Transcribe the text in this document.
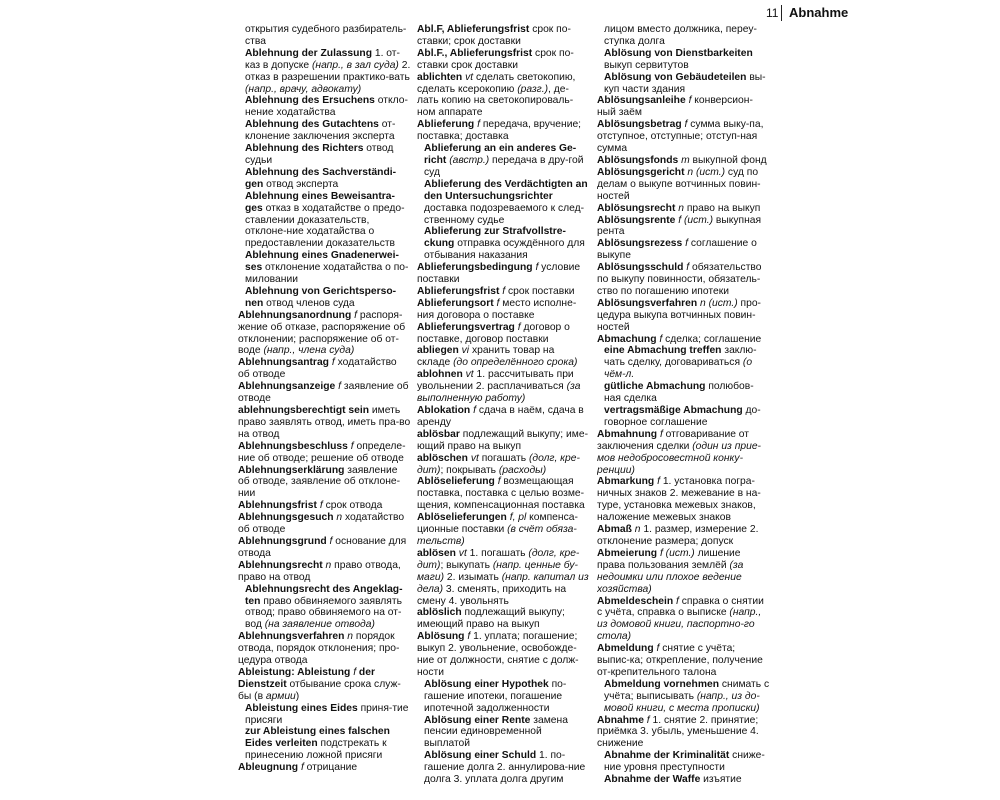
11 Abnahme

открытия судебного разбиратель-ства

Ablehnung der Zulassung 1. от-каз в допуске (напр., в зал суда) 2. отказ в разрешении практико-вать (напр., врачу, адвокату)

Ablehnung des Ersuchens откло-нение ходатайства

Ablehnung des Gutachtens от-клонение заключения эксперта

Ablehnung des Richters отвод судьи

Ablehnung des Sachverständi-gen отвод эксперта

Ablehnung eines Beweisantra-ges отказ в ходатайстве о предо-ставлении доказательств, отклоне-ние ходатайства о предоставлении доказательств

Ablehnung eines Gnadenerwei-ses отклонение ходатайства о по-миловании

Ablehnung von Gerichtsperso-nen отвод членов суда

Ablehnungsanordnung f распоря-жение об отказе, распоряжение об отклонении; распоряжение об от-воде (напр., члена суда)

Ablehnungsantrag f ходатайство об отводе

Ablehnungsanzeige f заявление об отводе

ablehnungsberechtigt sein иметь право заявлять отвод, иметь пра-во на отвод

Ablehnungsbeschluss f определе-ние об отводе; решение об отводе

Ablehnungserklärung заявление об отводе, заявление об отклоне-нии

Ablehnungsfrist f срок отвода

Ablehnungsgesuch n ходатайство об отводе

Ablehnungsgrund f основание для отвода

Ablehnungsrecht n право отвода, право на отвод

Ablehnungsrecht des Angeklag-ten право обвиняемого заявлять отвод; право обвиняемого на от-вод (на заявление отвода)

Ablehnungsverfahren n порядок отвода, порядок отклонения; про-цедура отвода

Ableistung: Ableistung f der Dienstzeit отбывание срока служ-бы (в армии)

Ableistung eines Eides приня-тие присяги

zur Ableistung eines falschen Eides verleiten подстрекать к принесению ложной присяги

Ableugnung f отрицание

Abl.F, Ablieferungsfrist срок по-ставки; срок доставки

Abl.F., Ablieferungsfrist срок по-ставки срок доставки

ablichten vt сделать светокопию, сделать ксерокопию (разг.), де-лать копию на светокопироваль-ном аппарате

Ablieferung f передача, вручение; поставка; доставка

Ablieferung an ein anderes Ge-richt (австр.) передача в дру-гой суд

Ablieferung des Verdächtigten an den Untersuchungsrichter доставка подозреваемого к след-ственному судье

Ablieferung zur Strafvollstre-ckung отправка осуждённого для отбывания наказания

Ablieferungsbedingung f условие поставки

Ablieferungsfrist f срок поставки

Ablieferungsort f место исполне-ния договора о поставке

Ablieferungsvertrag f договор о поставке, договор поставки

abliegen vi хранить товар на складе (до определённого срока)

ablohnen vt 1. рассчитывать при увольнении 2. расплачиваться (за выполненную работу)

Ablokation f сдача в наём, сдача в аренду

ablösbar подлежащий выкупу; име-ющий право на выкуп

ablöschen vt погашать (долг, кре-дит); покрывать (расходы)

Ablöselieferung f возмещающая поставка, поставка с целью возме-щения, компенсационная поставка

Ablöselieferungen f, pl компенса-ционные поставки (в счёт обяза-тельств)

ablösen vt 1. погашать (долг, кре-дит); выкупать (напр. ценные бу-маги) 2. изымать (напр. капитал из дела) 3. сменять, приходить на смену 4. увольнять

ablöslich подлежащий выкупу; имеющий право на выкуп

Ablösung f 1. уплата; погашение; выкуп 2. увольнение, освобожде-ние от должности, снятие с долж-ности

Ablösung einer Hypothek по-гашение ипотеки, погашение ипотечной задолженности

Ablösung einer Rente замена пенсии единовременной выплатой

Ablösung einer Schuld 1. по-гашение долга 2. аннулирова-ние долга 3. уплата долга другим

лицом вместо должника, переу-ступка долга

Ablösung von Dienstbarkeiten выкуп сервитутов

Ablösung von Gebäudeteilen вы-куп части здания

Ablösungsanleihe f конверсион-ный заём

Ablösungsbetrag f сумма выку-па, отступное, отступные; отступ-ная сумма

Ablösungsfonds m выкупной фонд

Ablösungsgericht n (ист.) суд по делам о выкупе вотчинных повин-ностей

Ablösungsrecht n право на выкуп

Ablösungsrente f (ист.) выкупная рента

Ablösungsrezess f соглашение о выкупе

Ablösungsschuld f обязательство по выкупу повинности, обязатель-ство по погашению ипотеки

Ablösungsverfahren n (ист.) про-цедура выкупа вотчинных повин-ностей

Abmachung f сделка; соглашение

eine Abmachung treffen заклю-чать сделку, договариваться (о чём-л.

gütliche Abmachung полюбов-ная сделка

vertragsmäßige Abmachung до-говорное соглашение

Abmahnung f отговаривание от заключения сделки (один из прие-мов недобросовестной конку-ренции)

Abmarkung f 1. установка погра-ничных знаков 2. межевание в на-туре, установка межевых знаков, наложение межевых знаков

Abmaß n 1. размер, измерение 2. отклонение размера; допуск

Abmeierung f (ист.) лишение права пользования землёй (за недоимки или плохое ведение хозяйства)

Abmeldeschein f справка о снятии с учёта, справка о выписке (напр., из домовой книги, паспортно-го стола)

Abmeldung f снятие с учёта; выпис-ка; открепление, получение от-крепительного талона

Abmeldung vornehmen снимать с учёта; выписывать (напр., из до-мовой книги, с места прописки)

Abnahme f 1. снятие 2. принятие; приёмка 3. убыль, уменьшение 4. снижение

Abnahme der Kriminalität сниже-ние уровня преступности

Abnahme der Waffe изъятие
